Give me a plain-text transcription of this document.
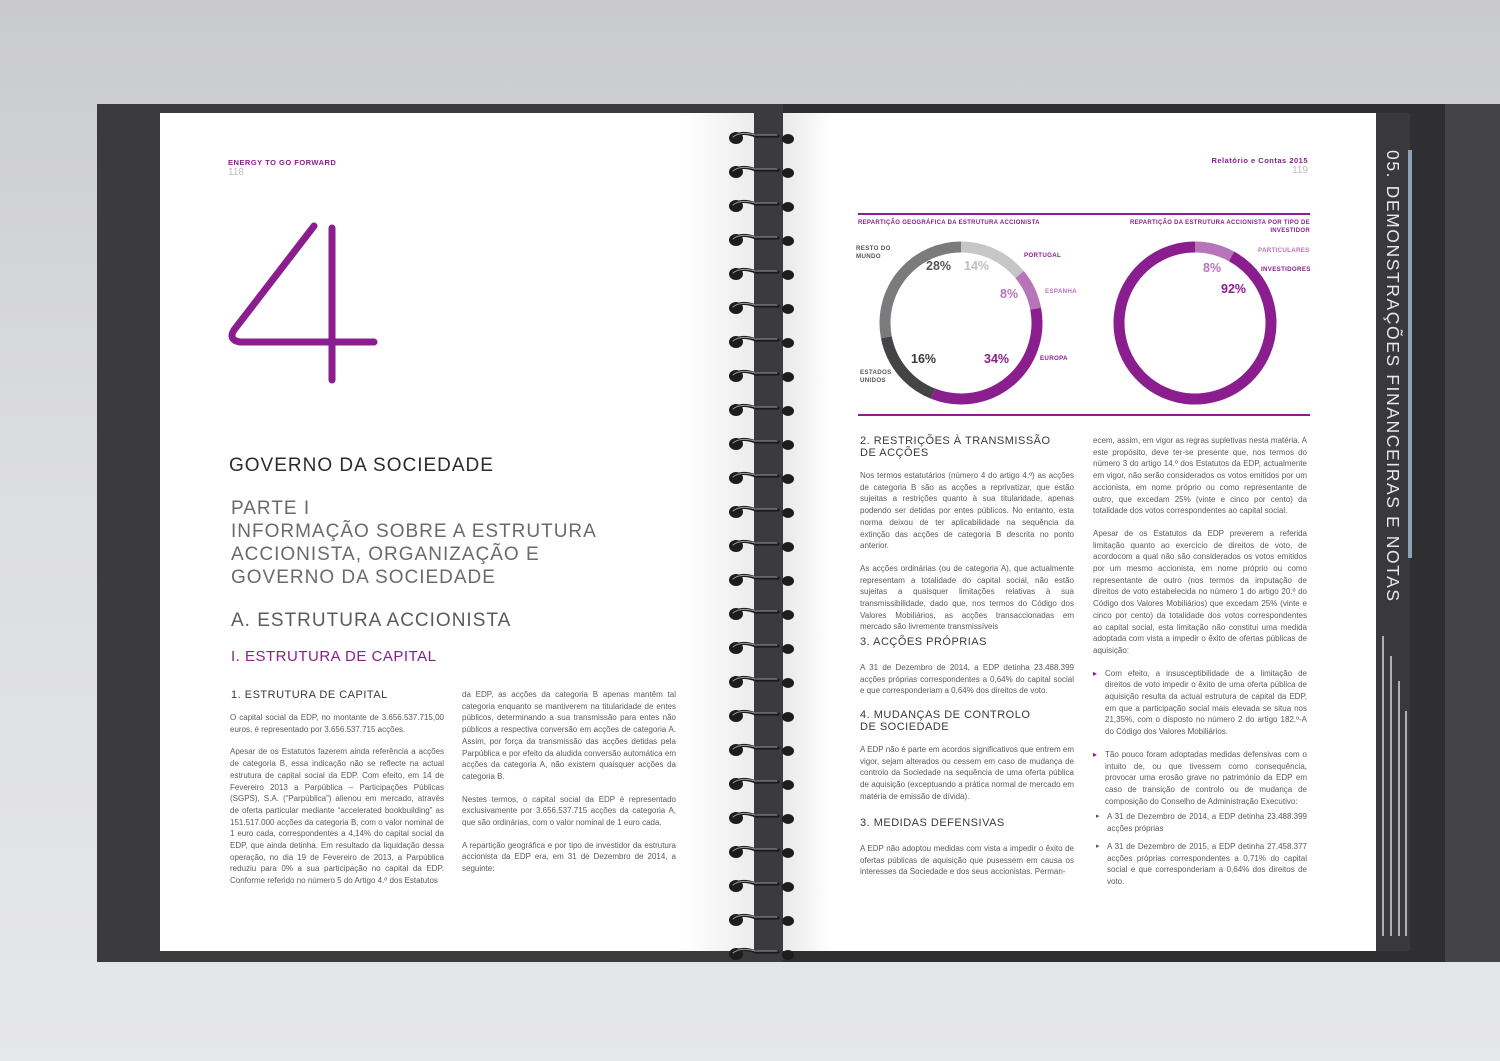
ENERGY TO GO FORWARD
118
GOVERNO DA SOCIEDADE
PARTE I
INFORMAÇÃO SOBRE A ESTRUTURA
ACCIONISTA, ORGANIZAÇÃO E
GOVERNO DA SOCIEDADE
A. ESTRUTURA ACCIONISTA
I. ESTRUTURA DE CAPITAL
1. ESTRUTURA DE CAPITAL

O capital social da EDP, no montante de 3.656.537.715,00 euros, é representado por 3.656.537.715 acções.

Apesar de os Estatutos fazerem ainda referência a acções de categoria B, essa indicação não se reflecte na actual estrutura de capital social da EDP. Com efeito, em 14 de Fevereiro 2013 a Parpública – Participações Públicas (SGPS), S.A. (“Parpública”) alienou em mercado, através de oferta particular mediante “accelerated bookbuilding” as 151.517.000 acções da categoria B, com o valor nominal de 1 euro cada, correspondentes a 4,14% do capital social da EDP, que ainda detinha. Em resultado da liquidação dessa operação, no dia 19 de Fevereiro de 2013, a Parpública reduziu para 0% a sua participação no capital da EDP. Conforme referido no número 5 do Artigo 4.º dos Estatutos

da EDP, as acções da categoria B apenas mantêm tal categoria enquanto se mantiverem na titularidade de entes públicos, determinando a sua transmissão para entes não públicos a respectiva conversão em acções de categoria A. Assim, por força da transmissão das acções detidas pela Parpública e por efeito da aludida conversão automática em acções da categoria A, não existem quaisquer acções da categoria B.

Nestes termos, o capital social da EDP é representado exclusivamente por 3.656.537.715 acções da categoria A, que são ordinárias, com o valor nominal de 1 euro cada.

A repartição geográfica e por tipo de investidor da estrutura accionista da EDP era, em 31 de Dezembro de 2014, a seguinte:

05. DEMONSTRAÇÕES FINANCEIRAS E NOTAS
Relatório e Contas 2015
119
REPARTIÇÃO GEOGRÁFICA DA ESTRUTURA ACCIONISTA	REPARTIÇÃO DA ESTRUTURA ACCIONISTA POR TIPO DE INVESTIDOR
RESTO DO MUNDO	PORTUGAL
ESPANHA
EUROPA
ESTADOS UNIDOS
28% 14%
8%
34%
16%
PARTICULARES
INVESTIDORES
8%
92%
2. RESTRIÇÕES À TRANSMISSÃO
DE ACÇÕES

Nos termos estatutários (número 4 do artigo 4.º) as acções de categoria B são as acções a reprivatizar, que estão sujeitas a restrições quanto à sua titularidade, apenas podendo ser detidas por entes públicos. No entanto, esta norma deixou de ter aplicabilidade na sequência da extinção das acções de categoria B descrita no ponto anterior.

As acções ordinárias (ou de categoria A), que actualmente representam a totalidade do capital social, não estão sujeitas a quaisquer limitações relativas à sua transmissibilidade, dado que, nos termos do Código dos Valores Mobiliários, as acções transaccionadas em mercado são livremente transmissíveis

3. ACÇÕES PRÓPRIAS

A 31 de Dezembro de 2014, a EDP detinha 23.488.399 acções próprias correspondentes a 0,64% do capital social e que corresponderiam a 0,64% dos direitos de voto.

4. MUDANÇAS DE CONTROLO
DE SOCIEDADE

A EDP não é parte em acordos significativos que entrem em vigor, sejam alterados ou cessem em caso de mudança de controlo da Sociedade na sequência de uma oferta pública de aquisição (exceptuando a prática normal de mercado em matéria de emissão de dívida).

3. MEDIDAS DEFENSIVAS

A EDP não adoptou medidas com vista a impedir o êxito de ofertas públicas de aquisição que pusessem em causa os interesses da Sociedade e dos seus accionistas. Perman-

ecem, assim, em vigor as regras supletivas nesta matéria. A este propósito, deve ter-se presente que, nos termos do número 3 do artigo 14.º dos Estatutos da EDP, actualmente em vigor, não serão considerados os votos emitidos por um accionista, em nome próprio ou como representante de outro, que excedam 25% (vinte e cinco por cento) da totalidade dos votos correspondentes ao capital social.

Apesar de os Estatutos da EDP preverem a referida limitação quanto ao exercício de direitos de voto, de acordocom a qual não são considerados os votos emitidos por um mesmo accionista, em nome próprio ou como representante de outro (nos termos da imputação de direitos de voto estabelecida no número 1 do artigo 20.º do Código dos Valores Mobiliários) que excedam 25% (vinte e cinco por cento) da totalidade dos votos correspondentes ao capital social, esta limitação não constitui uma medida adoptada com vista a impedir o êxito de ofertas públicas de aquisição:

▸ Com efeito, a insusceptibilidade de a limitação de direitos de voto impedir o êxito de uma oferta pública de aquisição resulta da actual estrutura de capital da EDP, em que a participação social mais elevada se situa nos 21,35%, com o disposto no número 2 do artigo 182.º-A do Código dos Valores Mobiliários.

▸ Tão pouco foram adoptadas medidas defensivas com o intuito de, ou que tivessem como consequência, provocar uma erosão grave no património da EDP em caso de transição de controlo ou de mudança de composição do Conselho de Administração Executivo:

▸ A 31 de Dezembro de 2014, a EDP detinha 23.488.399 acções próprias

▸ A 31 de Dezembro de 2015, a EDP detinha 27.458.377 acções próprias correspondentes a 0,71% do capital social e que corresponderiam a 0,64% dos direitos de voto.
